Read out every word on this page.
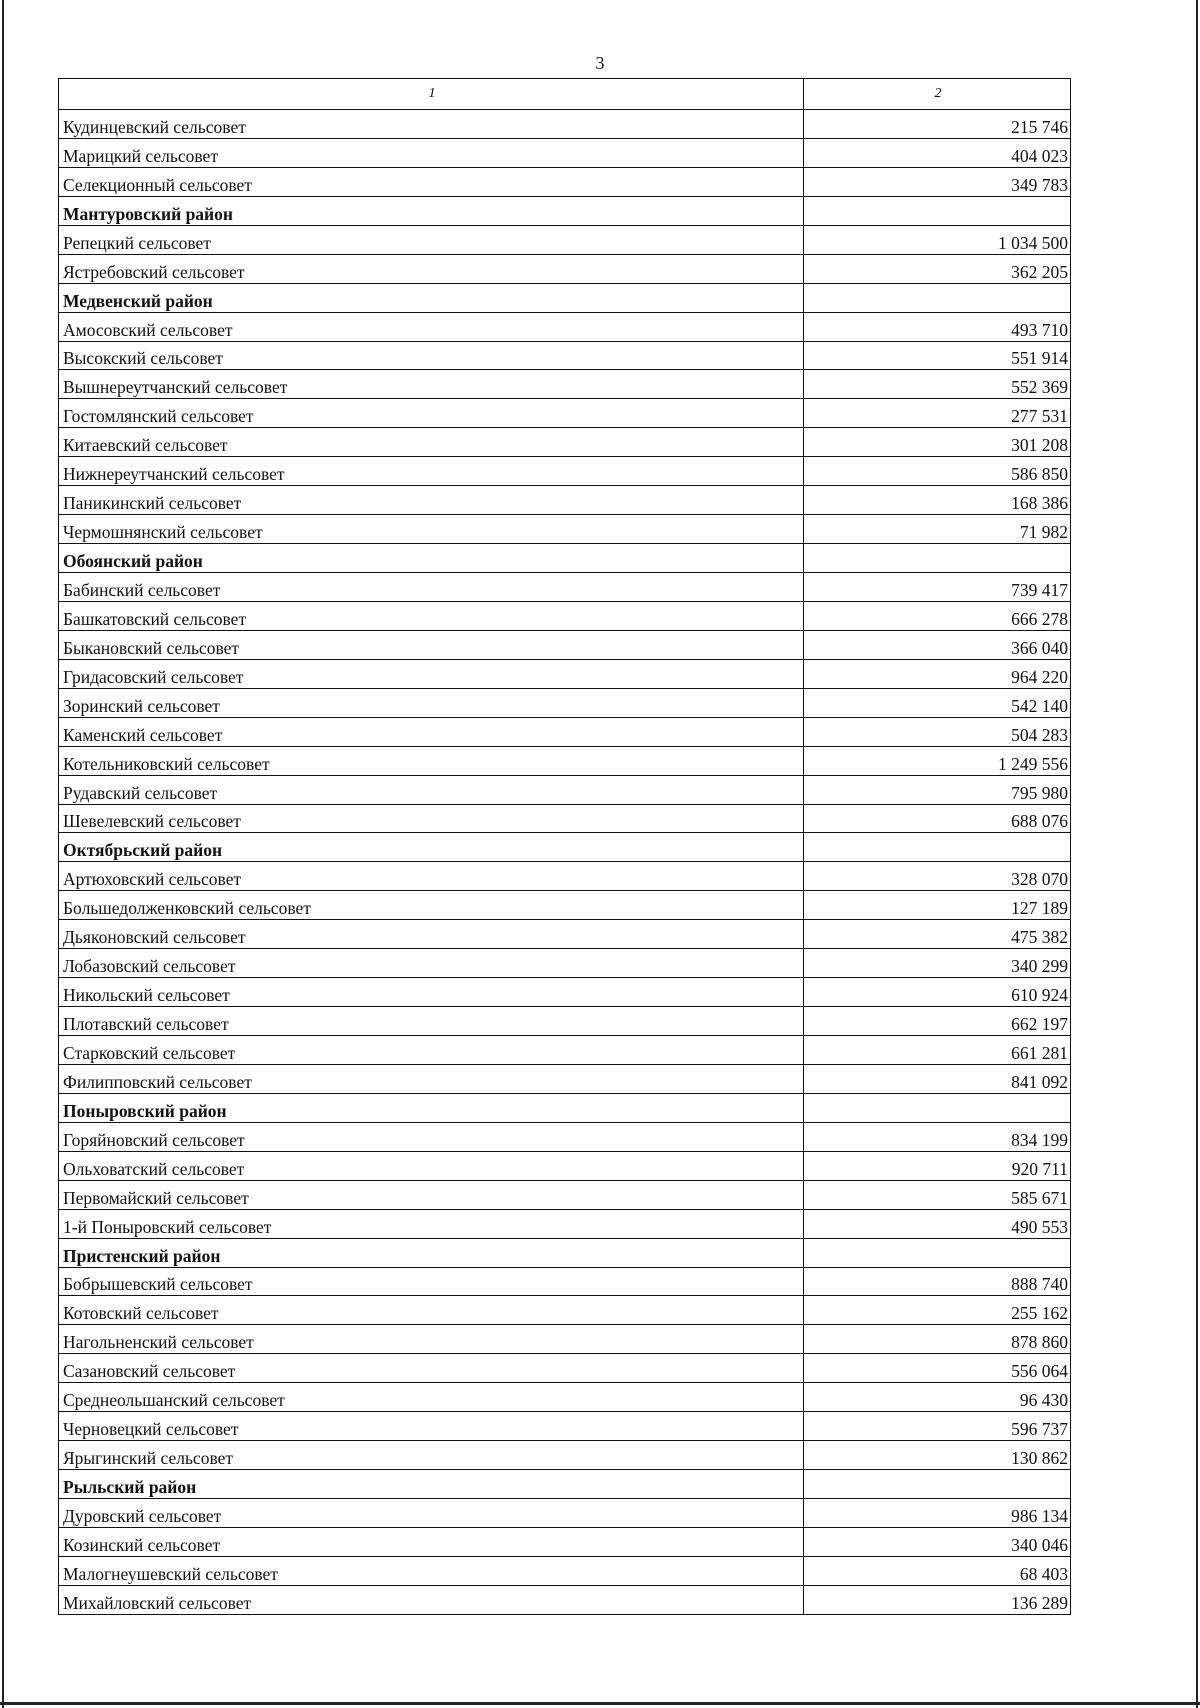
3
1	2
Кудинцевский сельсовет	215 746
Марицкий сельсовет	404 023
Селекционный сельсовет	349 783
Мантуровский район	
Репецкий сельсовет	1 034 500
Ястребовский сельсовет	362 205
Медвенский район	
Амосовский сельсовет	493 710
Высокский сельсовет	551 914
Вышнереутчанский сельсовет	552 369
Гостомлянский сельсовет	277 531
Китаевский сельсовет	301 208
Нижнереутчанский сельсовет	586 850
Паникинский сельсовет	168 386
Чермошнянский сельсовет	71 982
Обоянский район	
Бабинский сельсовет	739 417
Башкатовский сельсовет	666 278
Быкановский сельсовет	366 040
Гридасовский сельсовет	964 220
Зоринский сельсовет	542 140
Каменский сельсовет	504 283
Котельниковский сельсовет	1 249 556
Рудавский сельсовет	795 980
Шевелевский сельсовет	688 076
Октябрьский район	
Артюховский сельсовет	328 070
Большедолженковский сельсовет	127 189
Дьяконовский сельсовет	475 382
Лобазовский сельсовет	340 299
Никольский сельсовет	610 924
Плотавский сельсовет	662 197
Старковский сельсовет	661 281
Филипповский сельсовет	841 092
Поныровский район	
Горяйновский сельсовет	834 199
Ольховатский сельсовет	920 711
Первомайский сельсовет	585 671
1-й Поныровский сельсовет	490 553
Пристенский район	
Бобрышевский сельсовет	888 740
Котовский сельсовет	255 162
Нагольненский сельсовет	878 860
Сазановский сельсовет	556 064
Среднеольшанский сельсовет	96 430
Черновецкий сельсовет	596 737
Ярыгинский сельсовет	130 862
Рыльский район	
Дуровский сельсовет	986 134
Козинский сельсовет	340 046
Малогнеушевский сельсовет	68 403
Михайловский сельсовет	136 289
